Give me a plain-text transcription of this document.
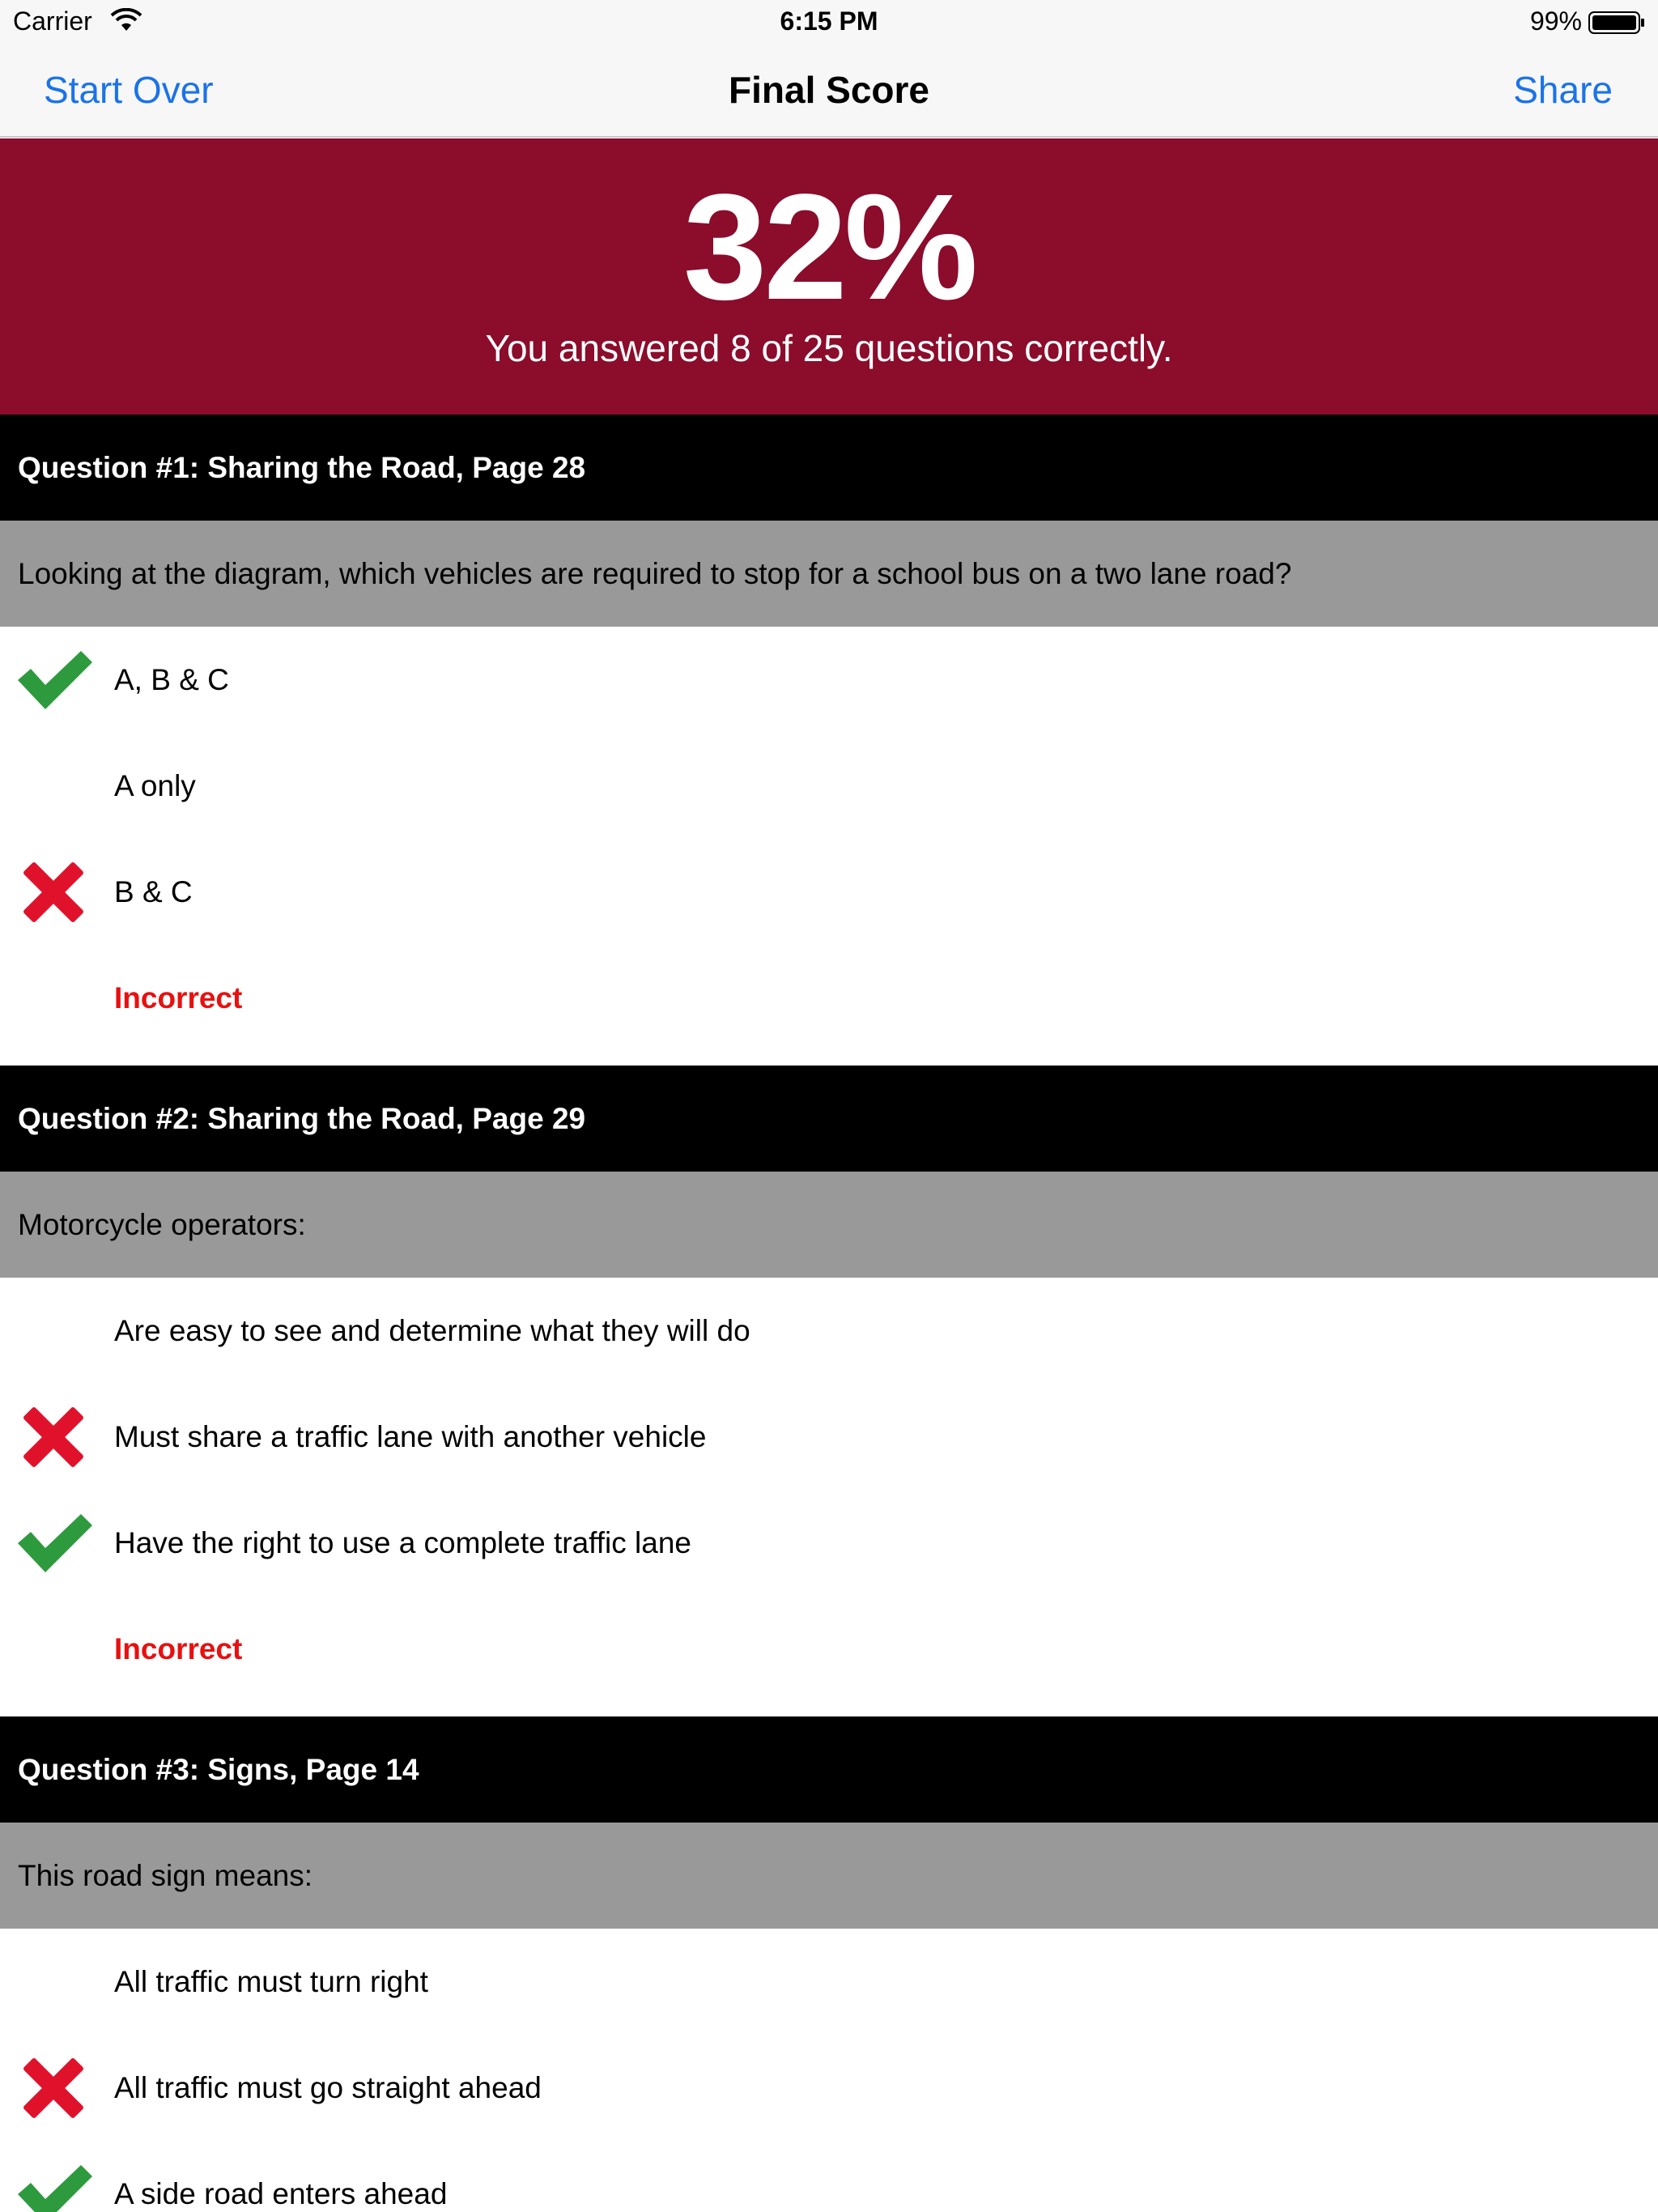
Carrier	6:15 PM	99%
Start Over	Final Score	Share
32%
You answered 8 of 25 questions correctly.
Question #1: Sharing the Road, Page 28
Looking at the diagram, which vehicles are required to stop for a school bus on a two lane road?
A, B & C
A only
B & C
Incorrect
Question #2: Sharing the Road, Page 29
Motorcycle operators:
Are easy to see and determine what they will do
Must share a traffic lane with another vehicle
Have the right to use a complete traffic lane
Incorrect
Question #3: Signs, Page 14
This road sign means:
All traffic must turn right
All traffic must go straight ahead
A side road enters ahead
